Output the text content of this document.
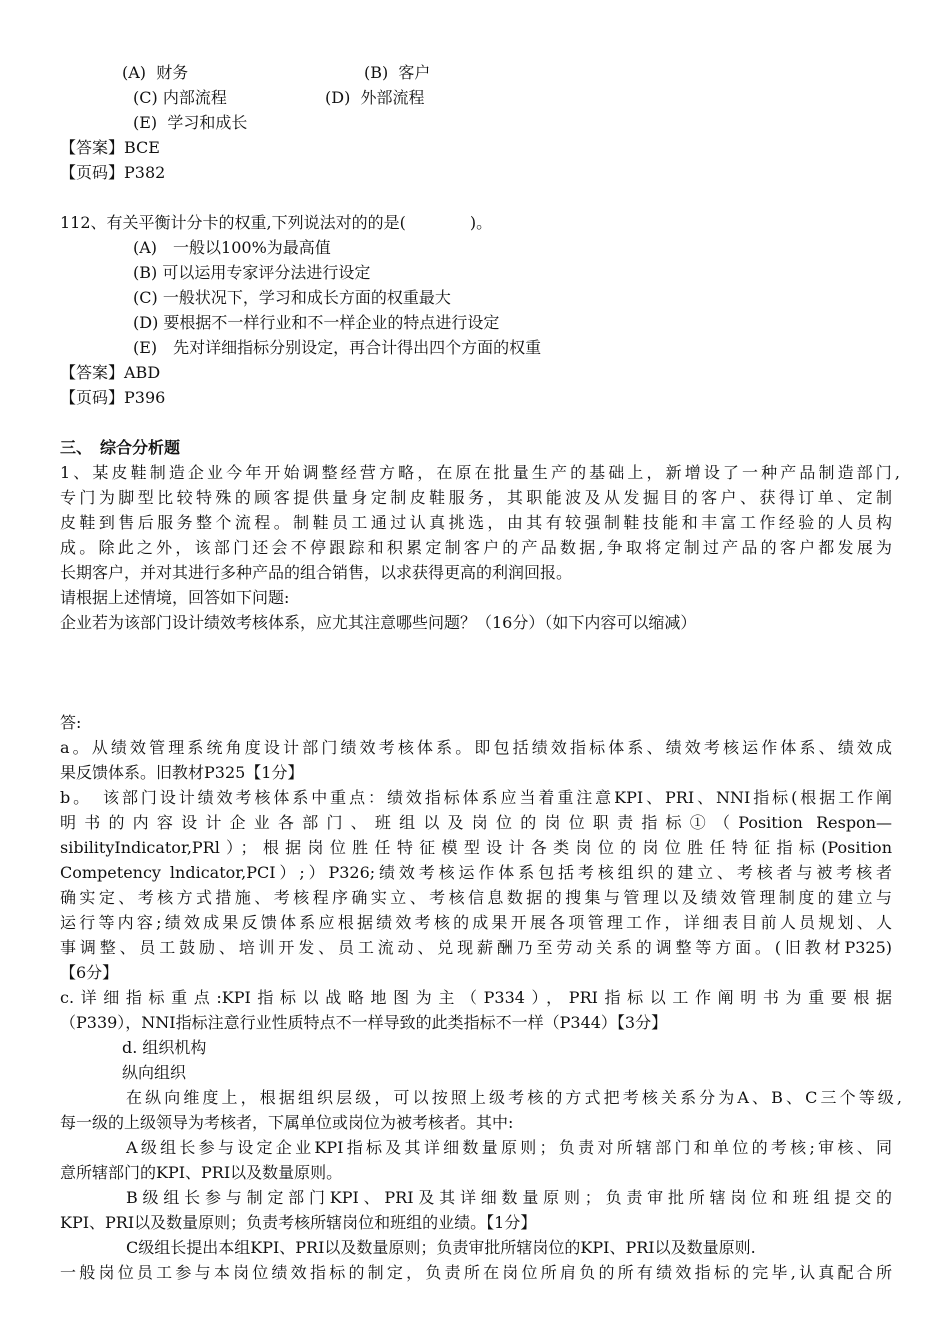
(A) 财务	(B) 客户
(C) 内部流程	(D) 外部流程
(E) 学习和成长
【答案】BCE
【页码】P382
112、有关平衡计分卡的权重,下列说法对的的是(　　　　)。
(A)　一般以100%为最高值
(B) 可以运用专家评分法进行设定
(C) 一般状况下，学习和成长方面的权重最大
(D) 要根据不一样行业和不一样企业的特点进行设定
(E)　先对详细指标分别设定，再合计得出四个方面的权重
【答案】ABD
【页码】P396
三、　综合分析题
1、某皮鞋制造企业今年开始调整经营方略，在原在批量生产的基础上，新增设了一种产品制造部门,
专门为脚型比较特殊的顾客提供量身定制皮鞋服务，其职能波及从发掘目的客户、获得订单、定制
皮鞋到售后服务整个流程。制鞋员工通过认真挑选，由其有较强制鞋技能和丰富工作经验的人员构
成。除此之外，该部门还会不停跟踪和积累定制客户的产品数据,争取将定制过产品的客户都发展为
长期客户，并对其进行多种产品的组合销售，以求获得更高的利润回报。
请根据上述情境，回答如下问题:
企业若为该部门设计绩效考核体系，应尤其注意哪些问题？（16分）（如下内容可以缩减）
答:
a。从绩效管理系统角度设计部门绩效考核体系。即包括绩效指标体系、绩效考核运作体系、绩效成
果反馈体系。旧教材P325【1分】
b。　该部门设计绩效考核体系中重点：绩效指标体系应当着重注意KPI、PRI、NNI指标(根据工作阐
明书的内容设计企业各部门、班组以及岗位的岗位职责指标①（Position Respon—
sibilityIndicator,PRl）；根据岗位胜任特征模型设计各类岗位的岗位胜任特征指标(Position
Competency lndicator,PCI）;）P326;绩效考核运作体系包括考核组织的建立、考核者与被考核者
确实定、考核方式措施、考核程序确实立、考核信息数据的搜集与管理以及绩效管理制度的建立与
运行等内容;绩效成果反馈体系应根据绩效考核的成果开展各项管理工作，详细表目前人员规划、人
事调整、员工鼓励、培训开发、员工流动、兑现薪酬乃至劳动关系的调整等方面。(旧教材P325)
【6分】
c.详细指标重点:KPI指标以战略地图为主（P334），PRI指标以工作阐明书为重要根据
（P339），NNI指标注意行业性质特点不一样导致的此类指标不一样（P344）【3分】
d. 组织机构
纵向组织
在纵向维度上，根据组织层级，可以按照上级考核的方式把考核关系分为A、B、C三个等级,
每一级的上级领导为考核者，下属单位或岗位为被考核者。其中:
A级组长参与设定企业KPI指标及其详细数量原则；负责对所辖部门和单位的考核;审核、同
意所辖部门的KPI、PRI以及数量原则。
B级组长参与制定部门KPI、PRI及其详细数量原则；负责审批所辖岗位和班组提交的
KPI、PRI以及数量原则；负责考核所辖岗位和班组的业绩。【1分】
C级组长提出本组KPI、PRI以及数量原则；负责审批所辖岗位的KPI、PRI以及数量原则.
一般岗位员工参与本岗位绩效指标的制定，负责所在岗位所肩负的所有绩效指标的完毕,认真配合所
